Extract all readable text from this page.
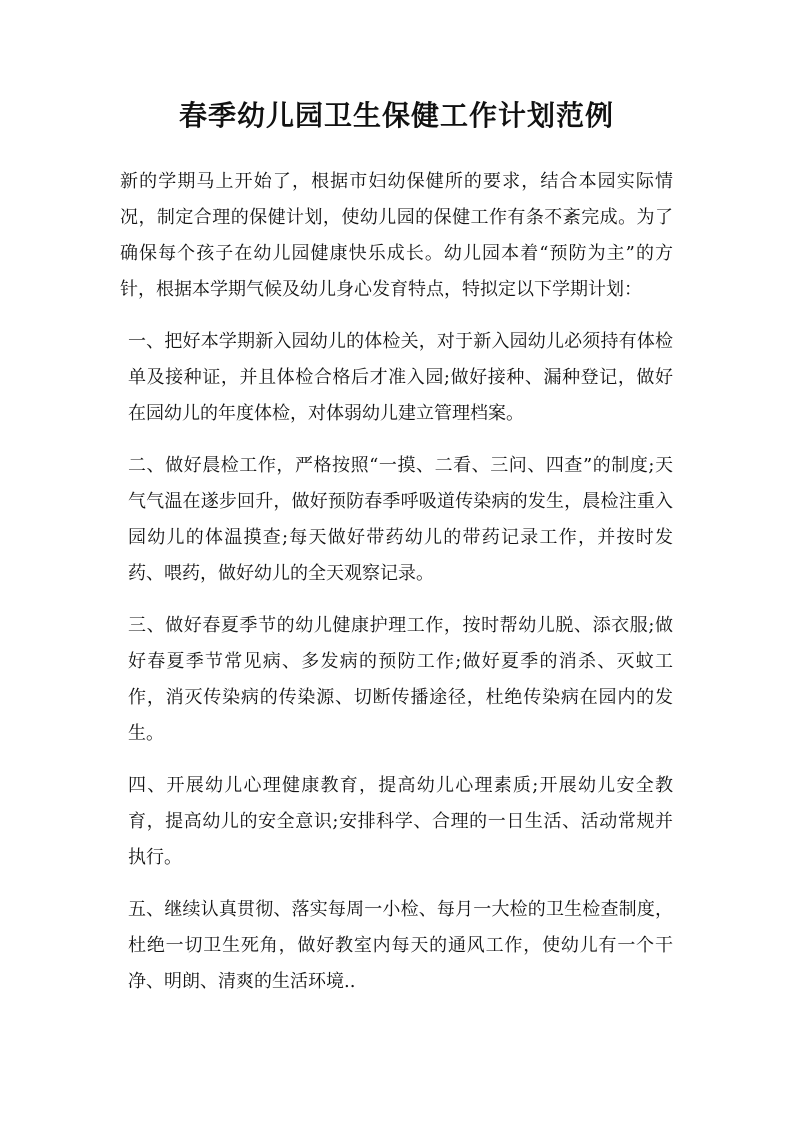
春季幼儿园卫生保健工作计划范例

新的学期马上开始了，根据市妇幼保健所的要求，结合本园实际情况，制定合理的保健计划，使幼儿园的保健工作有条不紊完成。为了确保每个孩子在幼儿园健康快乐成长。幼儿园本着“预防为主”的方针，根据本学期气候及幼儿身心发育特点，特拟定以下学期计划：

一、把好本学期新入园幼儿的体检关，对于新入园幼儿必须持有体检单及接种证，并且体检合格后才准入园;做好接种、漏种登记，做好在园幼儿的年度体检，对体弱幼儿建立管理档案。

二、做好晨检工作，严格按照“一摸、二看、三问、四查”的制度;天气气温在遂步回升，做好预防春季呼吸道传染病的发生，晨检注重入园幼儿的体温摸查;每天做好带药幼儿的带药记录工作，并按时发药、喂药，做好幼儿的全天观察记录。

三、做好春夏季节的幼儿健康护理工作，按时帮幼儿脱、添衣服;做好春夏季节常见病、多发病的预防工作;做好夏季的消杀、灭蚊工作，消灭传染病的传染源、切断传播途径，杜绝传染病在园内的发生。

四、开展幼儿心理健康教育，提高幼儿心理素质;开展幼儿安全教育，提高幼儿的安全意识;安排科学、合理的一日生活、活动常规并执行。

五、继续认真贯彻、落实每周一小检、每月一大检的卫生检查制度，杜绝一切卫生死角，做好教室内每天的通风工作，使幼儿有一个干净、明朗、清爽的生活环境..
